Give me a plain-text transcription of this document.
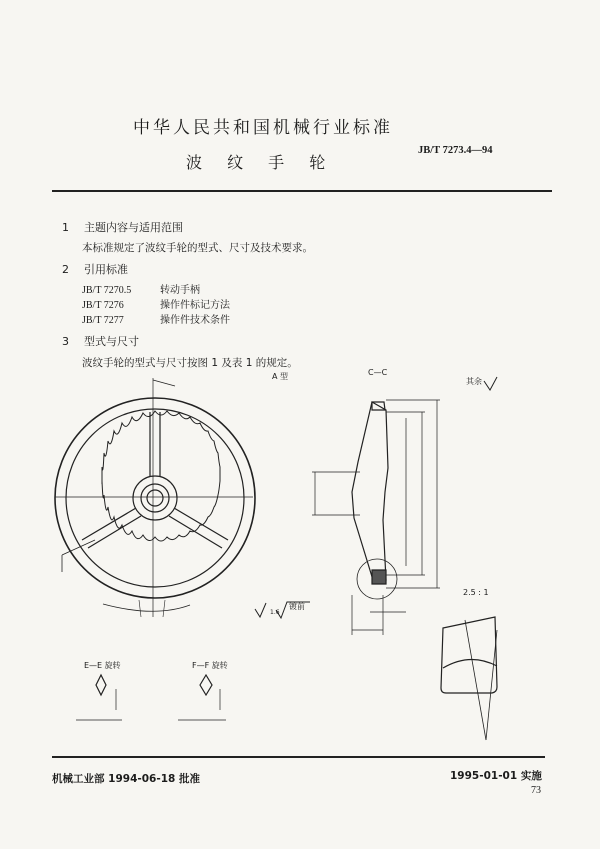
中华人民共和国机械行业标准
JB/T 7273.4—94
波 纹 手 轮
1 主题内容与适用范围
本标准规定了波纹手轮的型式、尺寸及技术要求。
2 引用标准
JB/T 7270.5	转动手柄
JB/T 7276	操作件标记方法
JB/T 7277	操作件技术条件
3 型式与尺寸
波纹手轮的型式与尺寸按图 1 及表 1 的规定。
A 型	C—C
其余
镀前
1.6
2.5 : 1
E—E 旋转	F—F 旋转
机械工业部 1994-06-18 批准	1995-01-01 实施
73
